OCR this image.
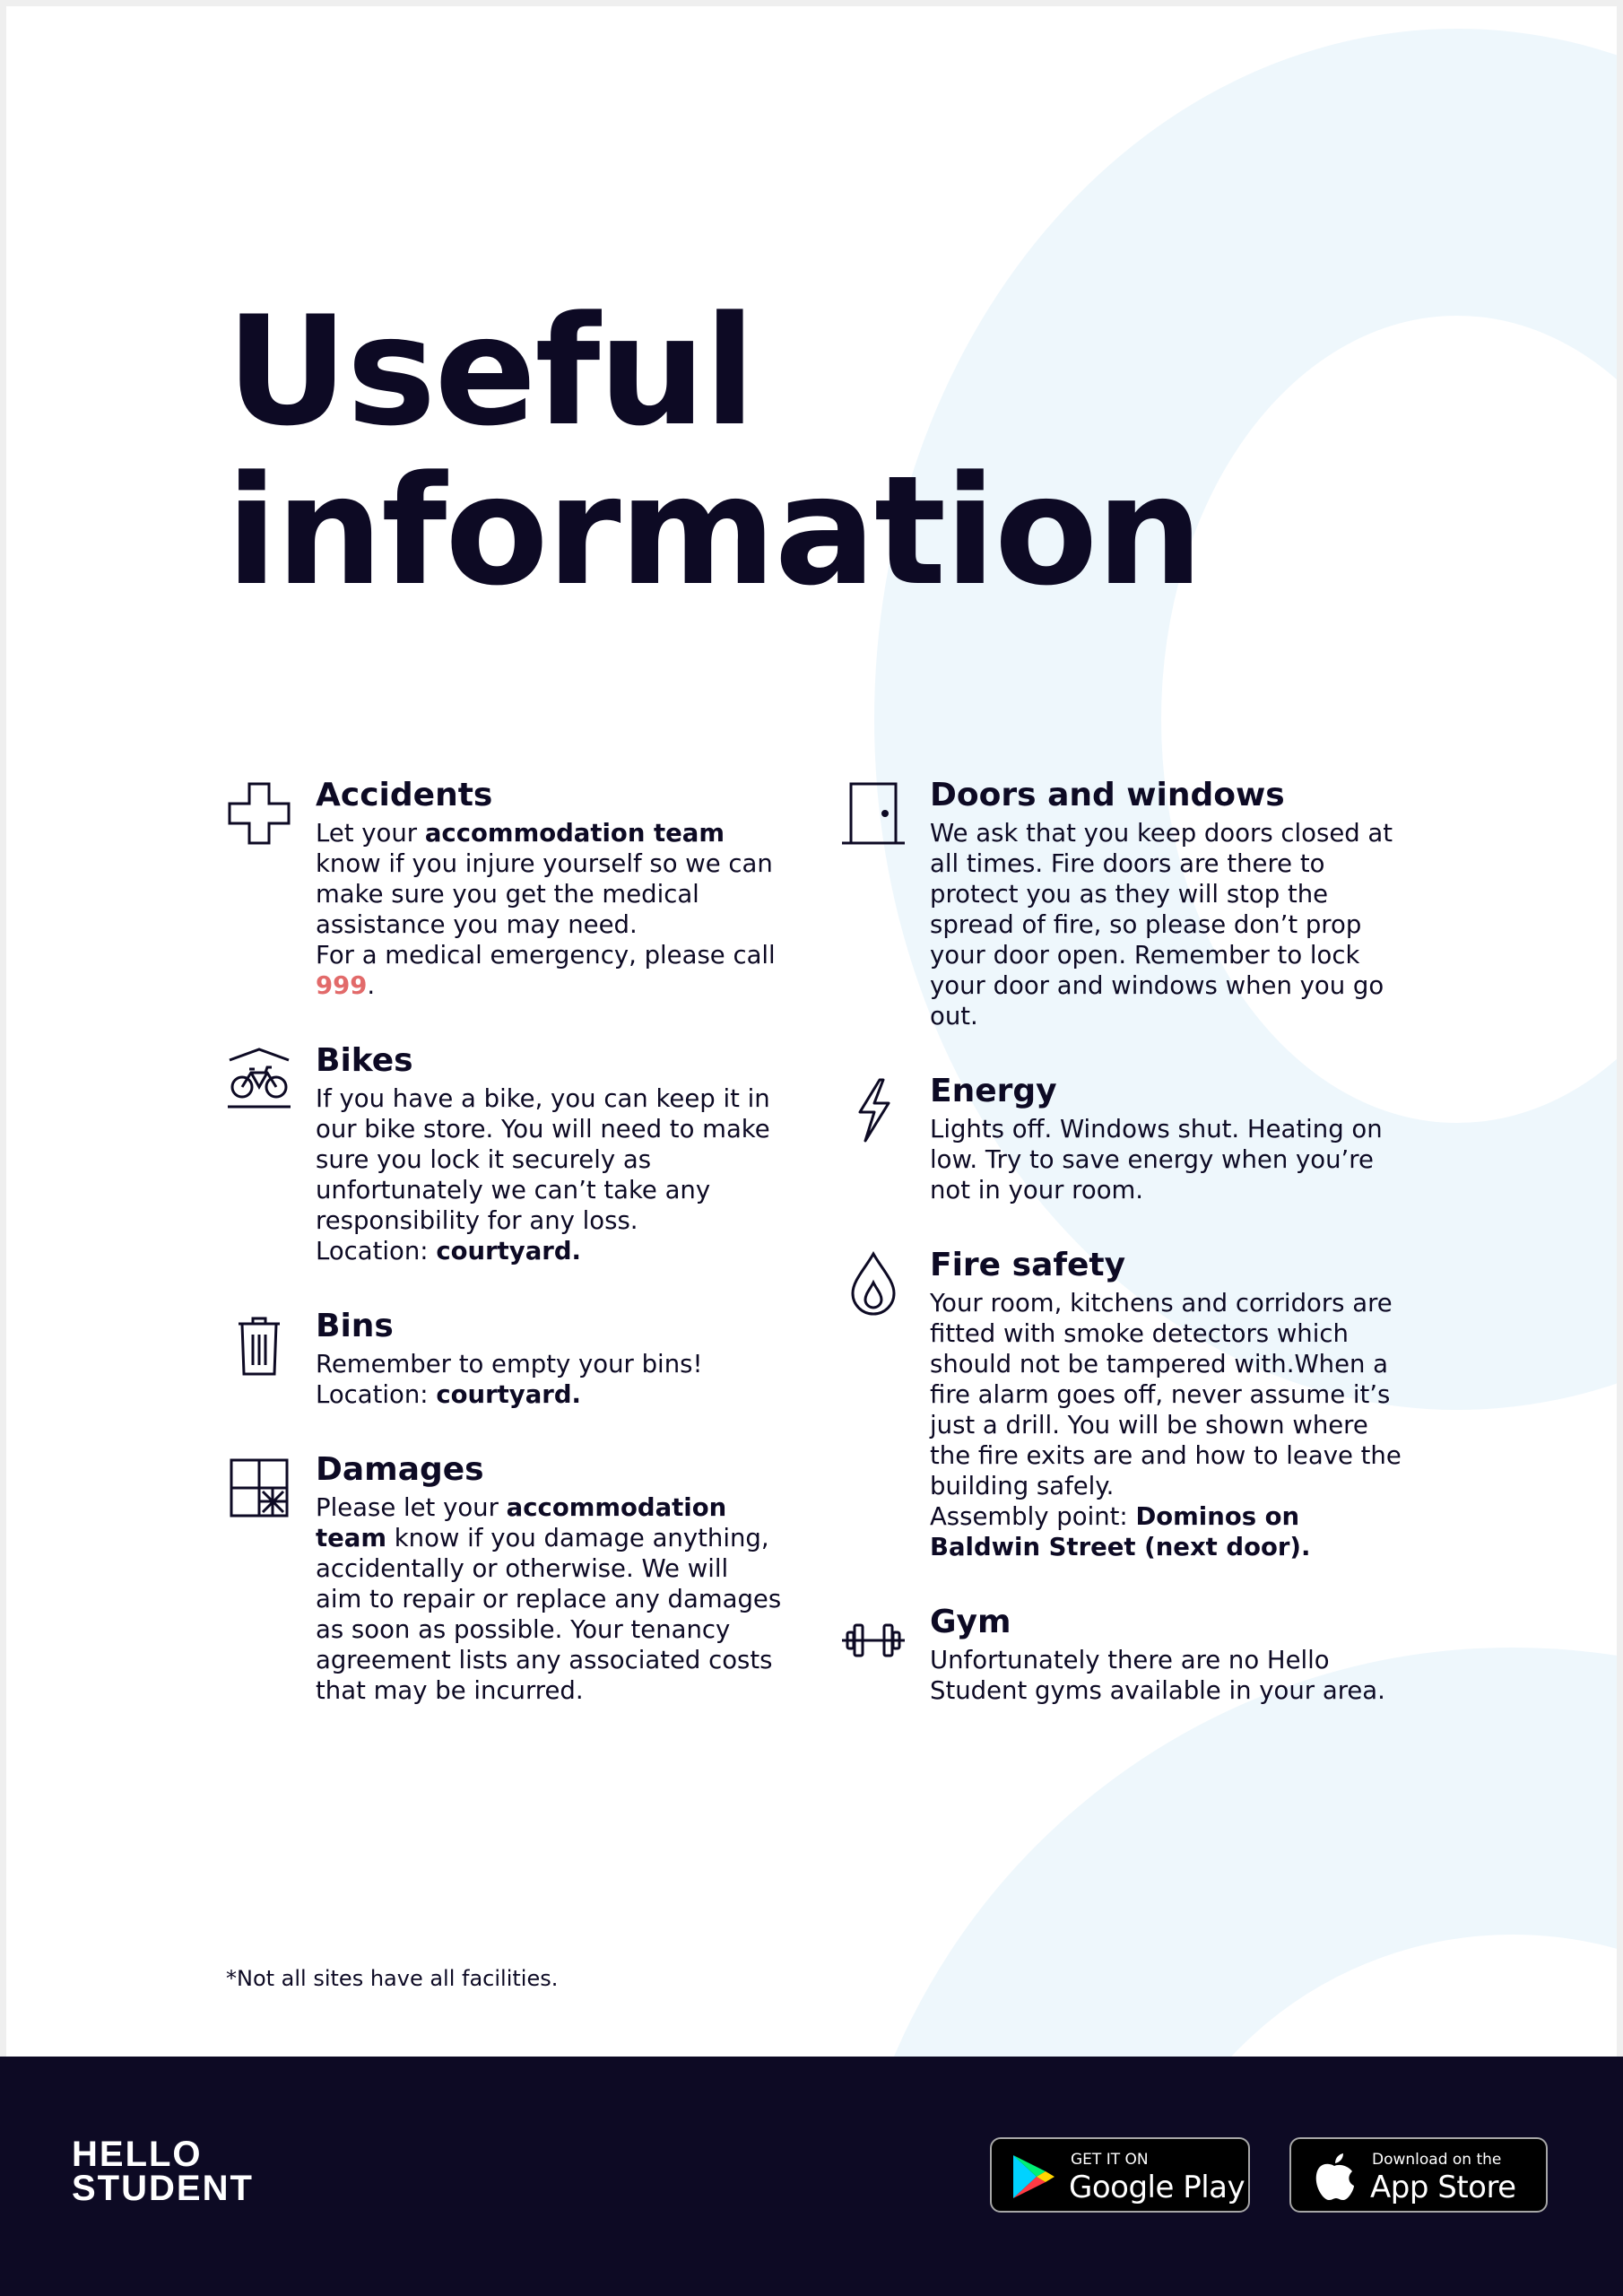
Useful
information
Accidents

Let your accommodation team know if you injure yourself so we can make sure you get the medical assistance you may need.

For a medical emergency, please call 999.

Bikes

If you have a bike, you can keep it in our bike store. You will need to make sure you lock it securely as unfortunately we can’t take any responsibility for any loss.

Location: courtyard.

Bins

Remember to empty your bins!

Location: courtyard.

Damages

Please let your accommodation team know if you damage anything, accidentally or otherwise. We will aim to repair or replace any damages as soon as possible. Your tenancy agreement lists any associated costs that may be incurred.

Doors and windows

We ask that you keep doors closed at all times. Fire doors are there to protect you as they will stop the spread of fire, so please don’t prop your door open. Remember to lock your door and windows when you go out.

Energy

Lights off. Windows shut. Heating on low. Try to save energy when you’re not in your room.

Fire safety

Your room, kitchens and corridors are fitted with smoke detectors which should not be tampered with.When a fire alarm goes off, never assume it’s just a drill. You will be shown where the fire exits are and how to leave the building safely.

Assembly point: Dominos on Baldwin Street (next door).

Gym

Unfortunately there are no Hello Student gyms available in your area.

*Not all sites have all facilities.
HELLO
STUDENT
GET IT ON
Google Play
Download on the
App Store
